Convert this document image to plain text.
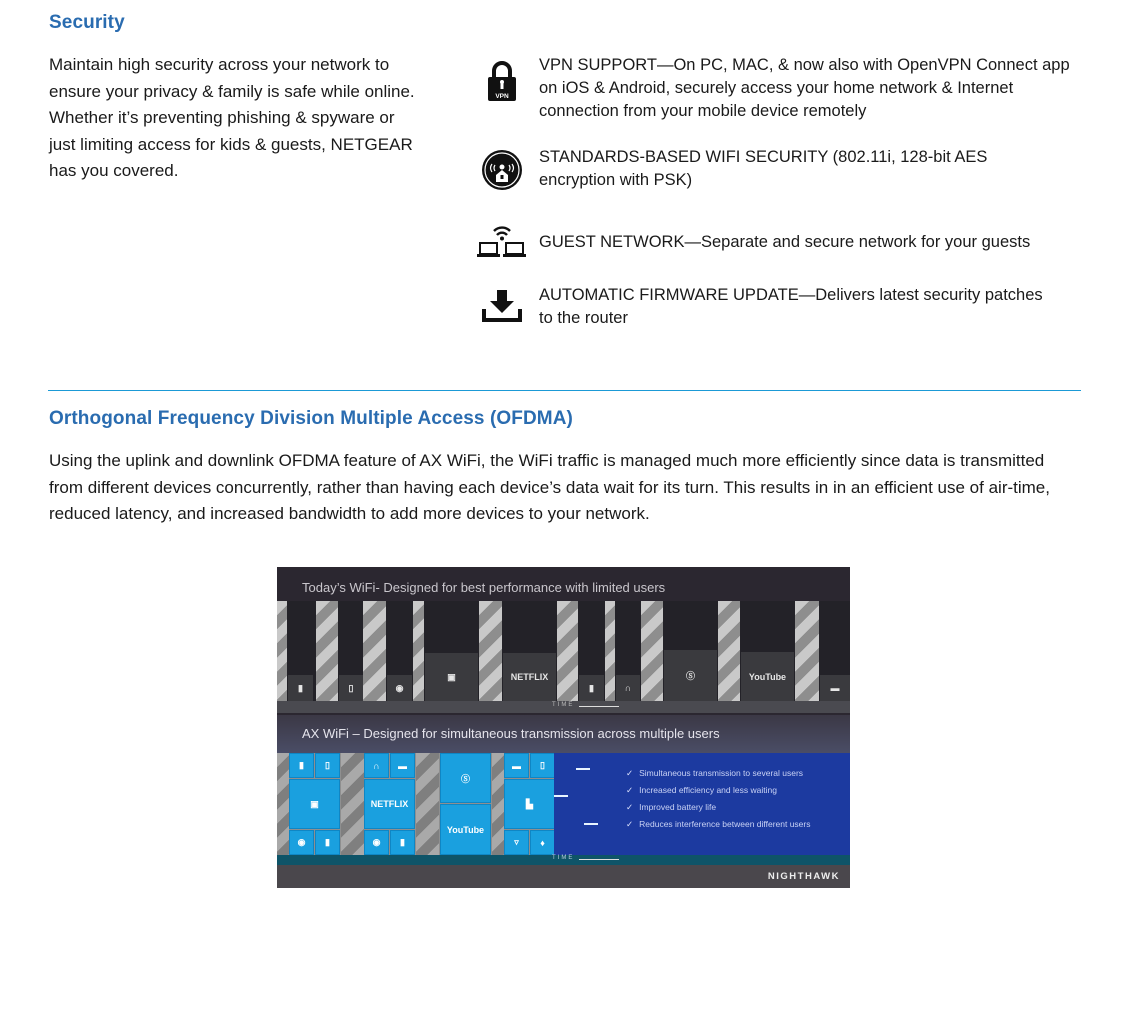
Security
Maintain high security across your network to ensure your privacy & family is safe while online. Whether it’s preventing phishing & spyware or just limiting access for kids & guests, NETGEAR has you covered.
VPN
VPN SUPPORT—On PC, MAC, & now also with OpenVPN Connect app on iOS & Android, securely access your home network & Internet connection from your mobile device remotely
STANDARDS-BASED WIFI SECURITY (802.11i, 128-bit AES encryption with PSK)
GUEST NETWORK—Separate and secure network for your guests
AUTOMATIC FIRMWARE UPDATE—Delivers latest security patches to the router
Orthogonal Frequency Division Multiple Access (OFDMA)
Using the uplink and downlink OFDMA feature of AX WiFi, the WiFi traffic is managed much more efficiently since data is transmitted from different devices concurrently, rather than having each device’s data wait for its turn. This results in in an efficient use of air-time, reduced latency, and increased bandwidth to add more devices to your network.
Today’s WiFi- Designed for best performance with limited users
▮	▯	◉
▣	NETFLIX
▮	∩
Ⓢ	YouTube
▬
TIME
AX WiFi – Designed for simultaneous transmission across multiple users
▮	▯
▣
◉	▮
∩	▬
NETFLIX
◉	▮
Ⓢ
YouTube
▬	▯
▙
▿	♦
✓ Simultaneous transmission to several users
✓ Increased efficiency and less waiting
✓ Improved battery life
✓ Reduces interference between different users
TIME
NIGHTHAWK
